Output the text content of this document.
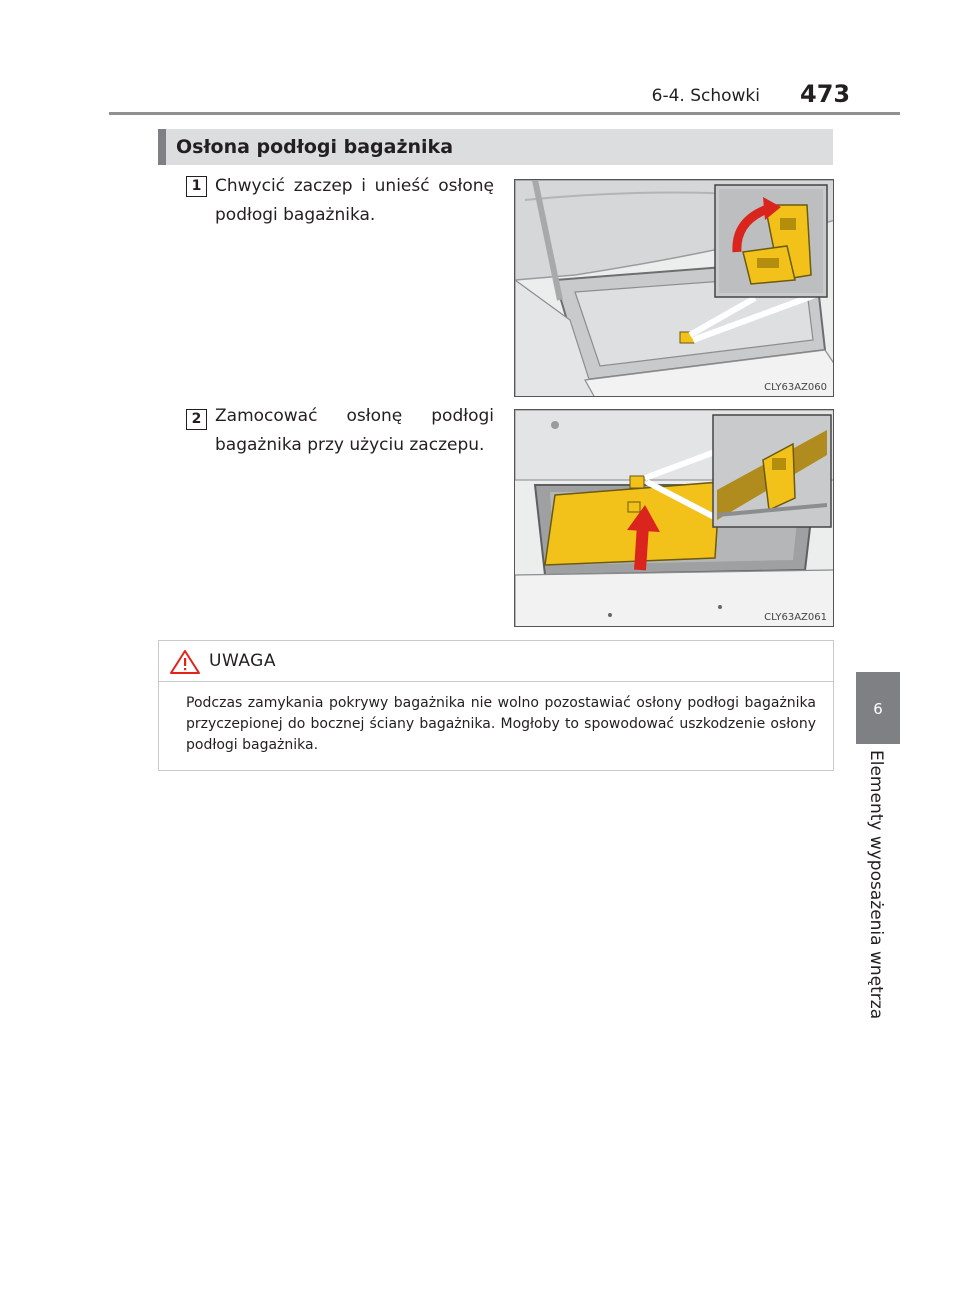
6-4. Schowki 473
6
Elementy wyposażenia wnętrza
Osłona podłogi bagażnika
1 Chwycić zaczep i unieść osłonę podłogi bagażnika.
CLY63AZ060
2 Zamocować osłonę podłogi bagażnika przy użyciu zaczepu.
CLY63AZ061
UWAGA
Podczas zamykania pokrywy bagażnika nie wolno pozostawiać osłony podłogi bagażnika przyczepionej do bocznej ściany bagażnika. Mogłoby to spowodować uszkodzenie osłony podłogi bagażnika.
